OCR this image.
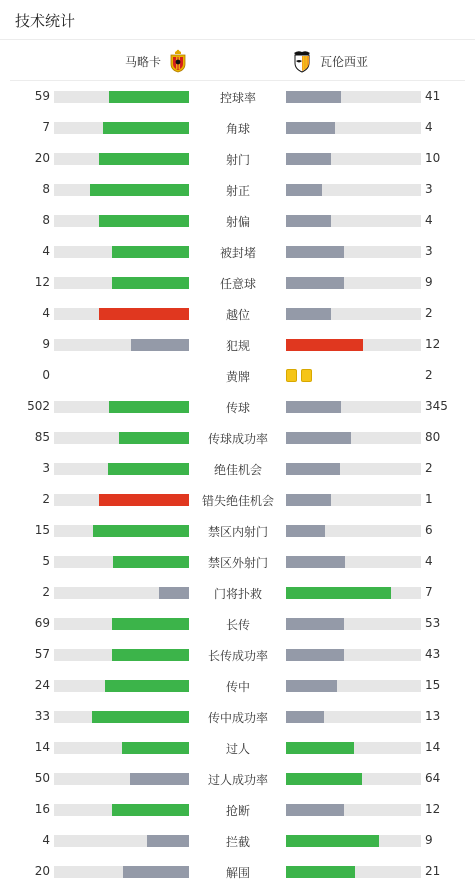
技术统计
马略卡	瓦伦西亚
59	控球率	41
7	角球	4
20	射门	10
8	射正	3
8	射偏	4
4	被封堵	3
12	任意球	9
4	越位	2
9	犯规	12
0	黄牌	2
502	传球	345
85	传球成功率	80
3	绝佳机会	2
2	错失绝佳机会	1
15	禁区内射门	6
5	禁区外射门	4
2	门将扑救	7
69	长传	53
57	长传成功率	43
24	传中	15
33	传中成功率	13
14	过人	14
50	过人成功率	64
16	抢断	12
4	拦截	9
20	解围	21
